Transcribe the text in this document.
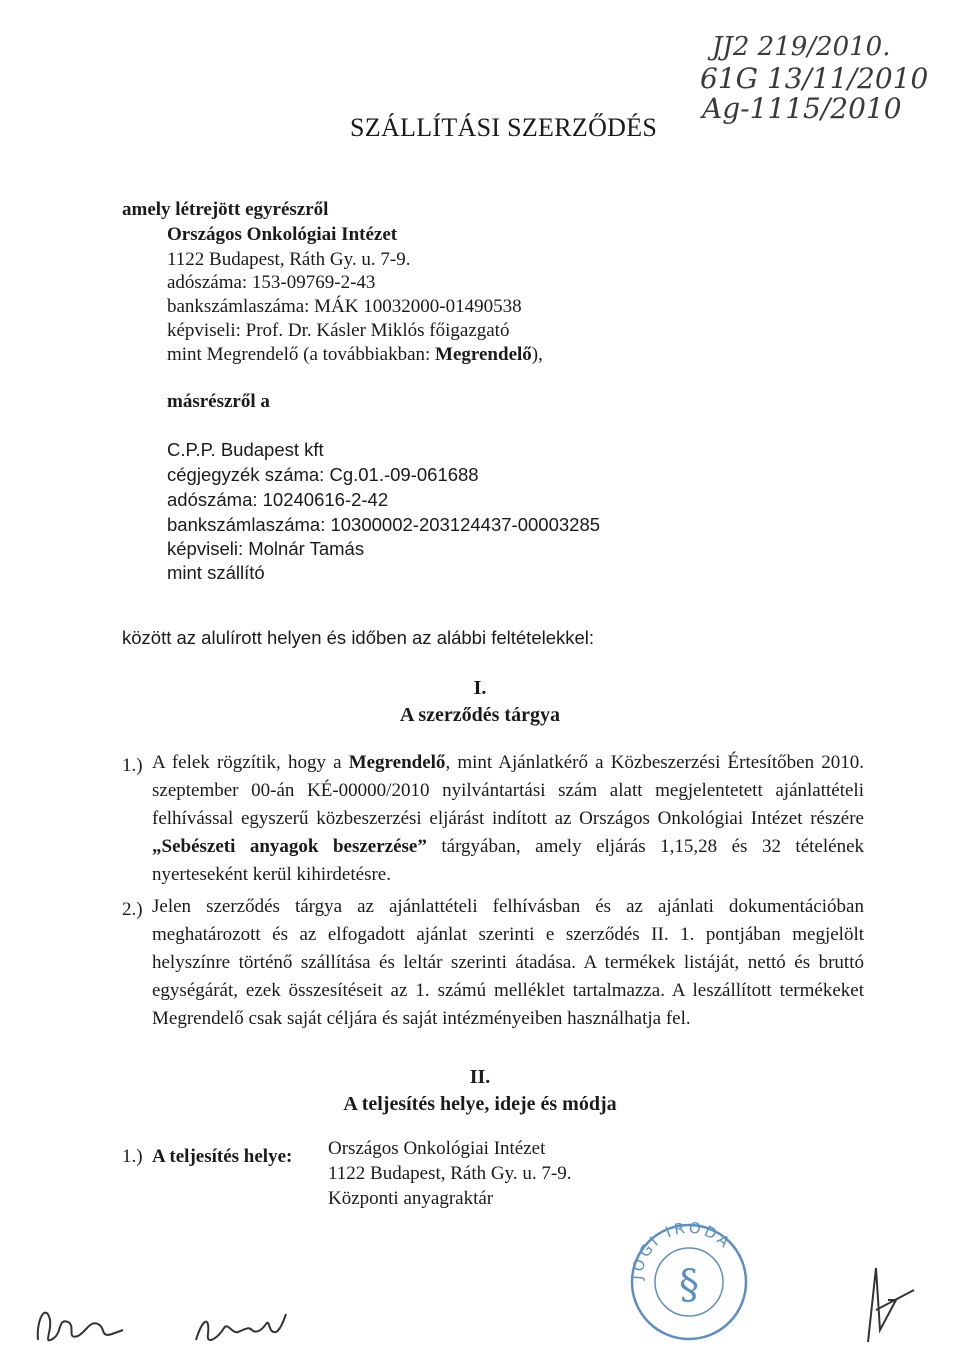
JJ2 219/2010.
61G 13/11/2010
Ag-1115/2010
SZÁLLÍTÁSI SZERZŐDÉS
amely létrejött egyrészről
Országos Onkológiai Intézet
1122 Budapest, Ráth Gy. u. 7-9.
adószáma: 153-09769-2-43
bankszámlaszáma: MÁK 10032000-01490538
képviseli: Prof. Dr. Kásler Miklós főigazgató
mint Megrendelő (a továbbiakban: Megrendelő),
másrészről a
C.P.P. Budapest kft
cégjegyzék száma: Cg.01.-09-061688
adószáma: 10240616-2-42
bankszámlaszáma: 10300002-203124437-00003285
képviseli: Molnár Tamás
mint szállító
között az alulírott helyen és időben az alábbi feltételekkel:
I.
A szerződés tárgya
1.) A felek rögzítik, hogy a Megrendelő, mint Ajánlatkérő a Közbeszerzési Értesítőben 2010. szeptember 00-án KÉ-00000/2010 nyilvántartási szám alatt megjelentetett ajánlattételi felhívással egyszerű közbeszerzési eljárást indított az Országos Onkológiai Intézet részére „Sebészeti anyagok beszerzése” tárgyában, amely eljárás 1,15,28 és 32 tételének nyerteseként kerül kihirdetésre.
2.) Jelen szerződés tárgya az ajánlattételi felhívásban és az ajánlati dokumentációban meghatározott és az elfogadott ajánlat szerinti e szerződés II. 1. pontjában megjelölt helyszínre történő szállítása és leltár szerinti átadása. A termékek listáját, nettó és bruttó egységárát, ezek összesítéseit az 1. számú melléklet tartalmazza. A leszállított termékeket Megrendelő csak saját céljára és saját intézményeiben használhatja fel.
II.
A teljesítés helye, ideje és módja
1.) A teljesítés helye: Országos Onkológiai Intézet
1122 Budapest, Ráth Gy. u. 7-9.
Központi anyagraktár
JOGI IRODA
§
